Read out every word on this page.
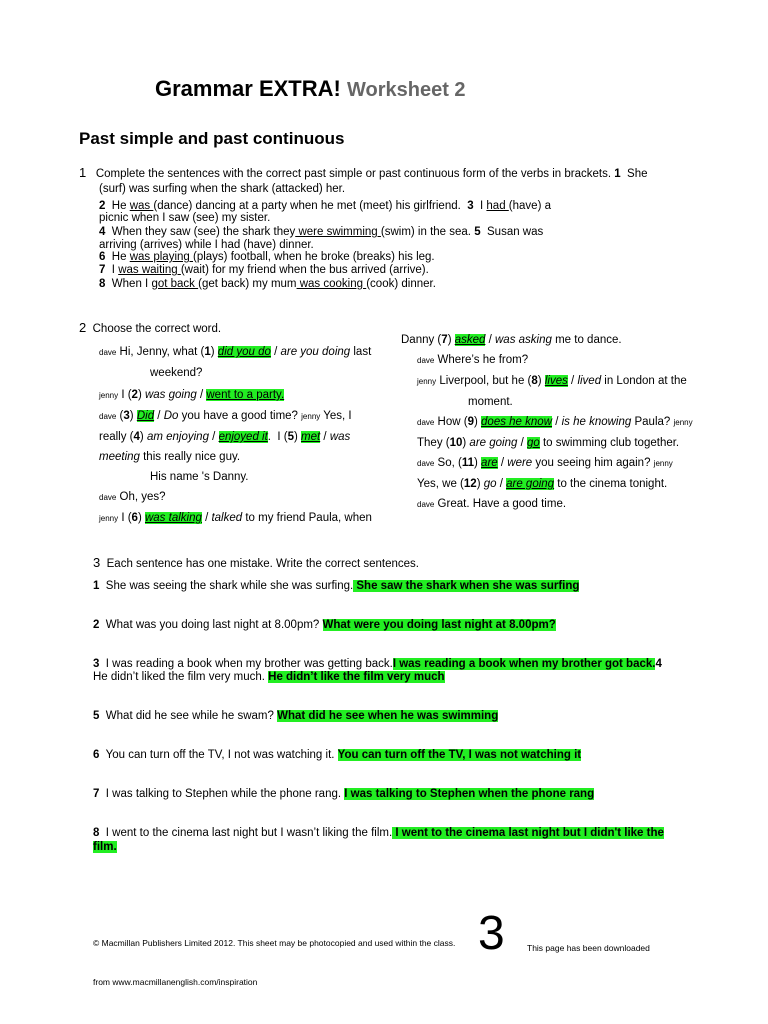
Grammar EXTRA! Worksheet 2
Past simple and past continuous
1 Complete the sentences with the correct past simple or past continuous form of the verbs in brackets. 1  She
(surf) was surfing when the shark (attacked) her.
2  He was (dance) dancing at a party when he met (meet) his girlfriend. 3  I had (have) a
picnic when I saw (see) my sister.
4 When they saw (see) the shark they were swimming (swim) in the sea. 5 Susan was
arriving (arrives) while I had (have) dinner.
6  He was playing (plays) football, when he broke (breaks) his leg.
7  I was waiting (wait) for my friend when the bus arrived (arrive).
8  When I got back (get back) my mum was cooking (cook) dinner.
2 Choose the correct word.
dave Hi, Jenny, what (1) did you do / are you doing last
weekend?
jenny I (2) was going / went to a party.
dave (3) Did / Do you have a good time? jenny Yes, I
really (4) am enjoying / enjoyed it.  I (5) met / was
meeting this really nice guy.
His name 's Danny.
dave Oh, yes?
jenny I (6) was talking / talked to my friend Paula, when
Danny (7) asked / was asking me to dance.
dave Where’s he from?
jenny Liverpool, but he (8) lives / lived in London at the
moment.
dave How (9) does he know / is he knowing Paula? jenny
They (10) are going / go to swimming club together.
dave So, (11) are / were you seeing him again? jenny
Yes, we (12) go / are going to the cinema tonight.
dave Great. Have a good time.
3 Each sentence has one mistake. Write the correct sentences.
1 She was seeing the shark while she was surfing. She saw the shark when she was surfing
2 What was you doing last night at 8.00pm? What were you doing last night at 8.00pm?
3 I was reading a book when my brother was getting back.I was reading a book when my brother got back.4
He didn’t liked the film very much. He didn’t like the film very much
5 What did he see while he swam? What did he see when he was swimming
6 You can turn off the TV, I not was watching it. You can turn off the TV, I was not watching it
7 I was talking to Stephen while the phone rang. I was talking to Stephen when the phone rang
8 I went to the cinema last night but I wasn’t liking the film. I went to the cinema last night but I didn't like the
film.
© Macmillan Publishers Limited 2012. This sheet may be photocopied and used within the class. 3	This page has been downloaded
from www.macmillanenglish.com/inspiration
